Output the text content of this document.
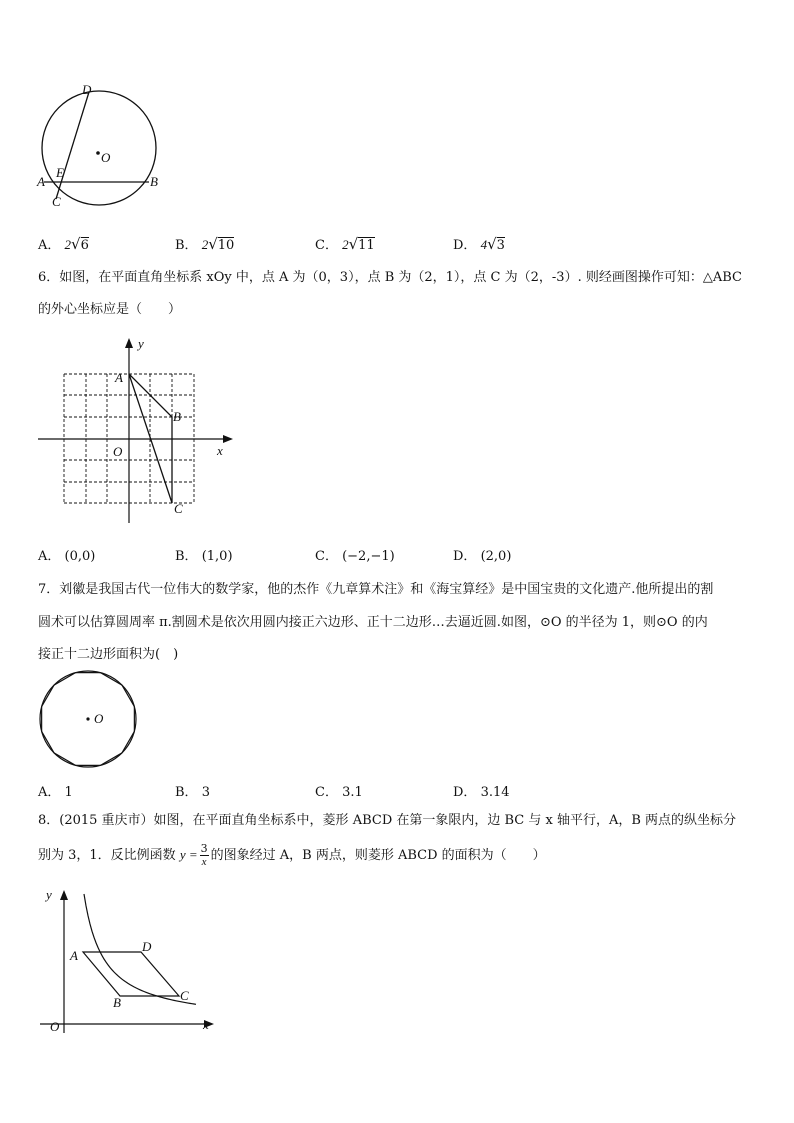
D
O
A
E
B
C
A． 2√6	B． 2√10	C． 2√11	D． 4√3
6．如图，在平面直角坐标系 xOy 中，点 A 为（0，3），点 B 为（2，1），点 C 为（2，-3）. 则经画图操作可知：△ABC
的外心坐标应是（　　）
y
x
O
A
B
C
A． (0,0)	B． (1,0)	C． (−2,−1)	D． (2,0)
7．刘徽是我国古代一位伟大的数学家，他的杰作《九章算术注》和《海宝算经》是中国宝贵的文化遗产.他所提出的割
圆术可以估算圆周率 π.割圆术是依次用圆内接正六边形、正十二边形…去逼近圆.如图，⊙O 的半径为 1，则⊙O 的内
接正十二边形面积为(　)
O
A． 1	B． 3	C． 3.1	D． 3.14
8．(2015 重庆市）如图，在平面直角坐标系中，菱形 ABCD 在第一象限内，边 BC 与 x 轴平行，A，B 两点的纵坐标分
别为 3，1．反比例函数 $y = \frac{3}{x}$ 的图象经过 A，B 两点，则菱形 ABCD 的面积为（　　）
y
x
O
A
D
B	C
